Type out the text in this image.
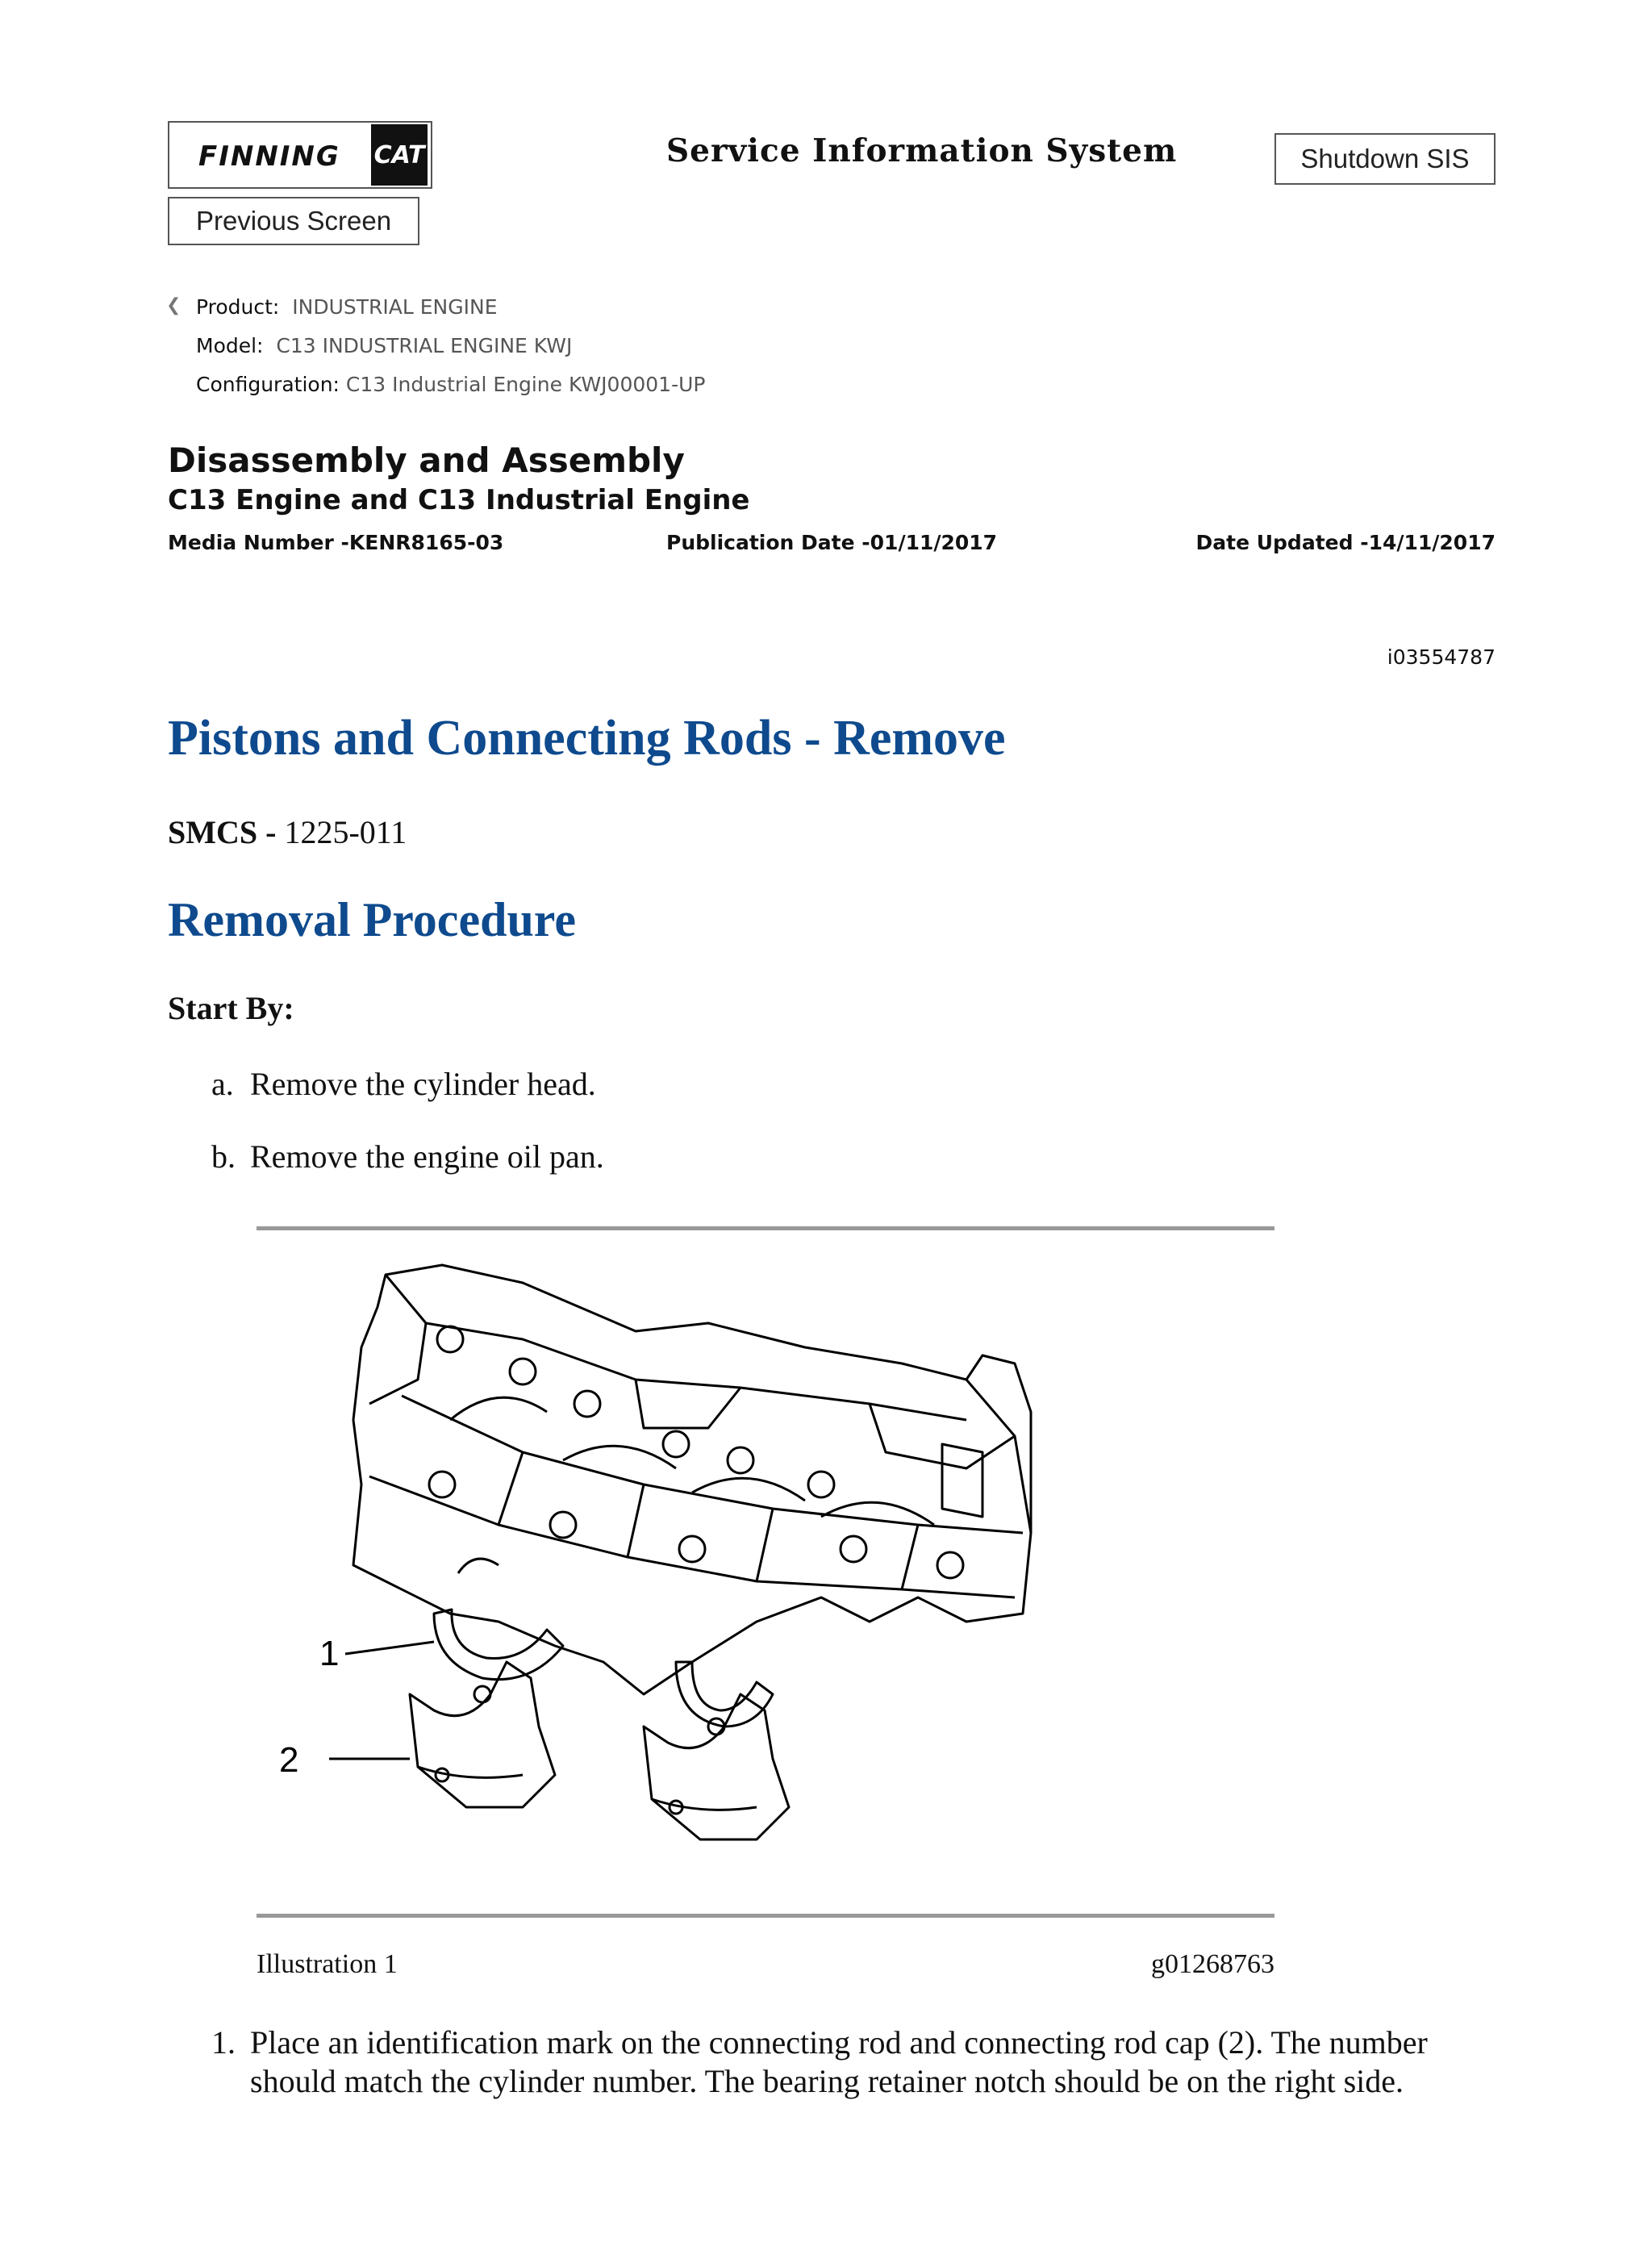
FINNING CAT	Service Information System	Shutdown SIS
Previous Screen
❮ Product: INDUSTRIAL ENGINE
Model: C13 INDUSTRIAL ENGINE KWJ
Configuration: C13 Industrial Engine KWJ00001-UP
Disassembly and Assembly
C13 Engine and C13 Industrial Engine
Media Number -KENR8165-03	Publication Date -01/11/2017	Date Updated -14/11/2017
i03554787
Pistons and Connecting Rods - Remove
SMCS - 1225-011
Removal Procedure
Start By:
a. Remove the cylinder head.
b. Remove the engine oil pan.
1
2
Illustration 1	g01268763
1. Place an identification mark on the connecting rod and connecting rod cap (2). The number should match the cylinder number. The bearing retainer notch should be on the right side.
